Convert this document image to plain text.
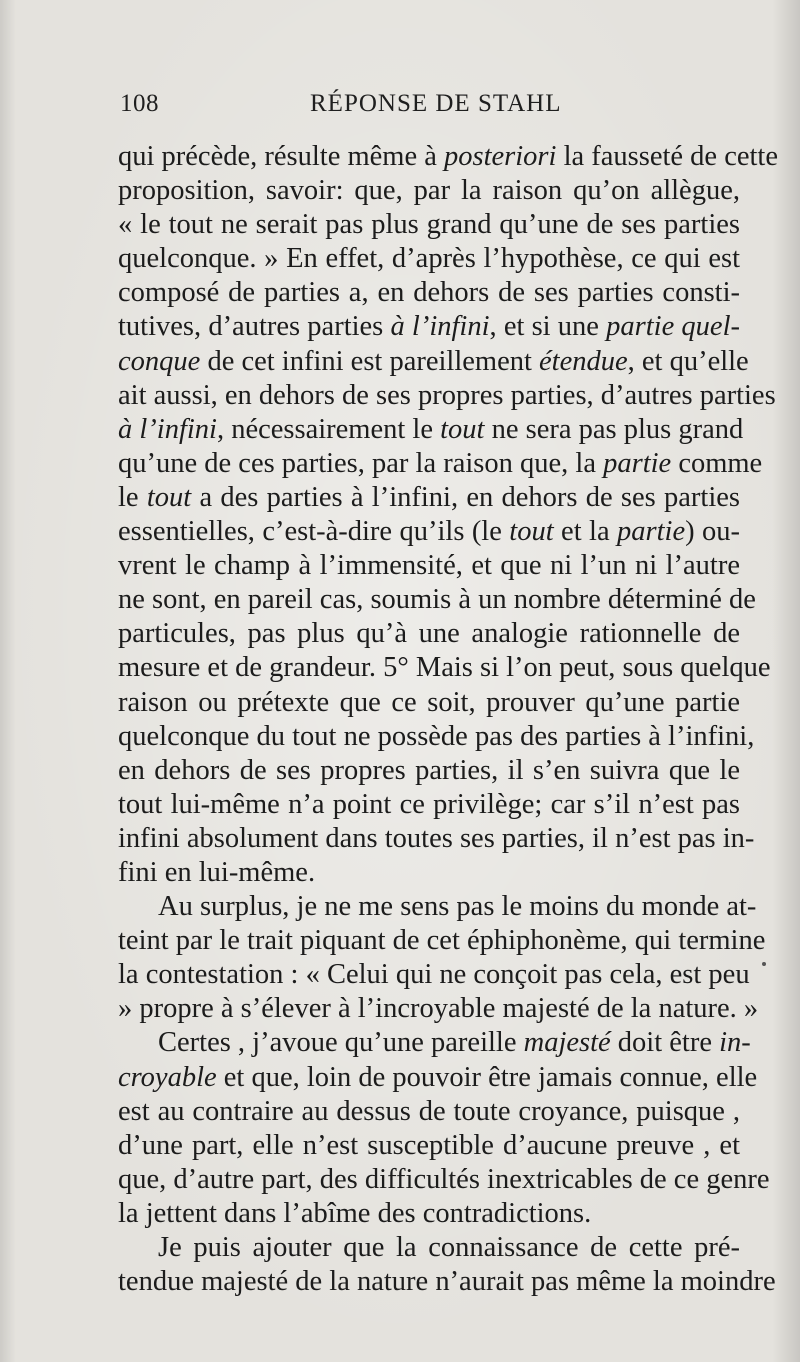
108	RÉPONSE DE STAHL
qui précède, résulte même à posteriori la fausseté de cette
proposition, savoir: que, par la raison qu’on allègue,
« le tout ne serait pas plus grand qu’une de ses parties
quelconque. » En effet, d’après l’hypothèse, ce qui est
composé de parties a, en dehors de ses parties consti-
tutives, d’autres parties à l’infini, et si une partie quel-
conque de cet infini est pareillement étendue, et qu’elle
ait aussi, en dehors de ses propres parties, d’autres parties
à l’infini, nécessairement le tout ne sera pas plus grand
qu’une de ces parties, par la raison que, la partie comme
le tout a des parties à l’infini, en dehors de ses parties
essentielles, c’est-à-dire qu’ils (le tout et la partie) ou-
vrent le champ à l’immensité, et que ni l’un ni l’autre
ne sont, en pareil cas, soumis à un nombre déterminé de
particules, pas plus qu’à une analogie rationnelle de
mesure et de grandeur. 5° Mais si l’on peut, sous quelque
raison ou prétexte que ce soit, prouver qu’une partie
quelconque du tout ne possède pas des parties à l’infini,
en dehors de ses propres parties, il s’en suivra que le
tout lui-même n’a point ce privilège; car s’il n’est pas
infini absolument dans toutes ses parties, il n’est pas in-
fini en lui-même.
Au surplus, je ne me sens pas le moins du monde at-
teint par le trait piquant de cet éphiphonème, qui termine
la contestation : « Celui qui ne conçoit pas cela, est peu
» propre à s’élever à l’incroyable majesté de la nature. »
Certes , j’avoue qu’une pareille majesté doit être in-
croyable et que, loin de pouvoir être jamais connue, elle
est au contraire au dessus de toute croyance, puisque ,
d’une part, elle n’est susceptible d’aucune preuve , et
que, d’autre part, des difficultés inextricables de ce genre
la jettent dans l’abîme des contradictions.
Je puis ajouter que la connaissance de cette pré-
tendue majesté de la nature n’aurait pas même la moindre
